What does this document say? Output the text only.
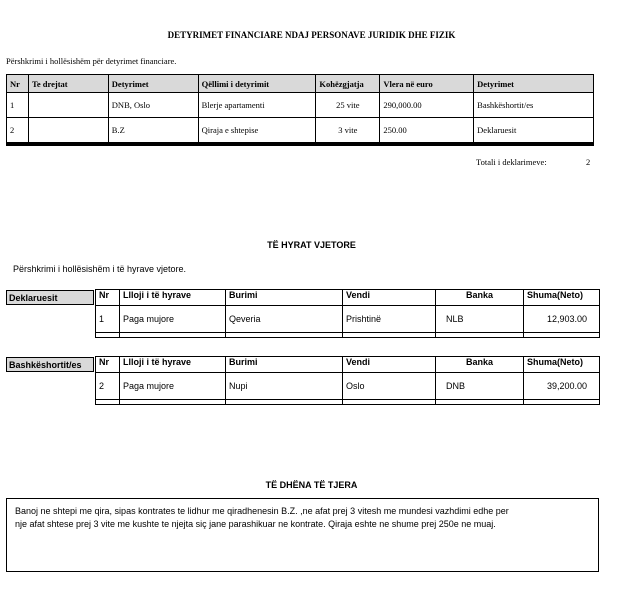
DETYRIMET FINANCIARE NDAJ PERSONAVE JURIDIK DHE FIZIK
Përshkrimi i hollësishëm për detyrimet financiare.
Nr	Te drejtat	Detyrimet	Qëllimi i detyrimit	Kohëzgjatja	Vlera në euro	Detyrimet
1		DNB, Oslo	Blerje apartamenti	25 vite	290,000.00	Bashkëshortit/es
2		B.Z	Qiraja e shtepise	3 vite	250.00	Deklaruesit

Totali i deklarimeve:	2
TË HYRAT VJETORE
Përshkrimi i hollësishëm i të hyrave vjetore.
Deklaruesit	Nr	Llloji i të hyrave	Burimi	Vendi	Banka	Shuma(Neto)
1	Paga mujore	Qeveria	Prishtinë	NLB	12,903.00

Bashkëshortit/es	Nr	Llloji i të hyrave	Burimi	Vendi	Banka	Shuma(Neto)
2	Paga mujore	Nupi	Oslo	DNB	39,200.00

TË DHËNA TË TJERA
Banoj ne shtepi me qira, sipas kontrates te lidhur me qiradhenesin B.Z. ,ne afat prej 3 vitesh me mundesi vazhdimi edhe per
nje afat shtese prej 3 vite me kushte te njejta siç jane parashikuar ne kontrate. Qiraja eshte ne shume prej 250e ne muaj.
